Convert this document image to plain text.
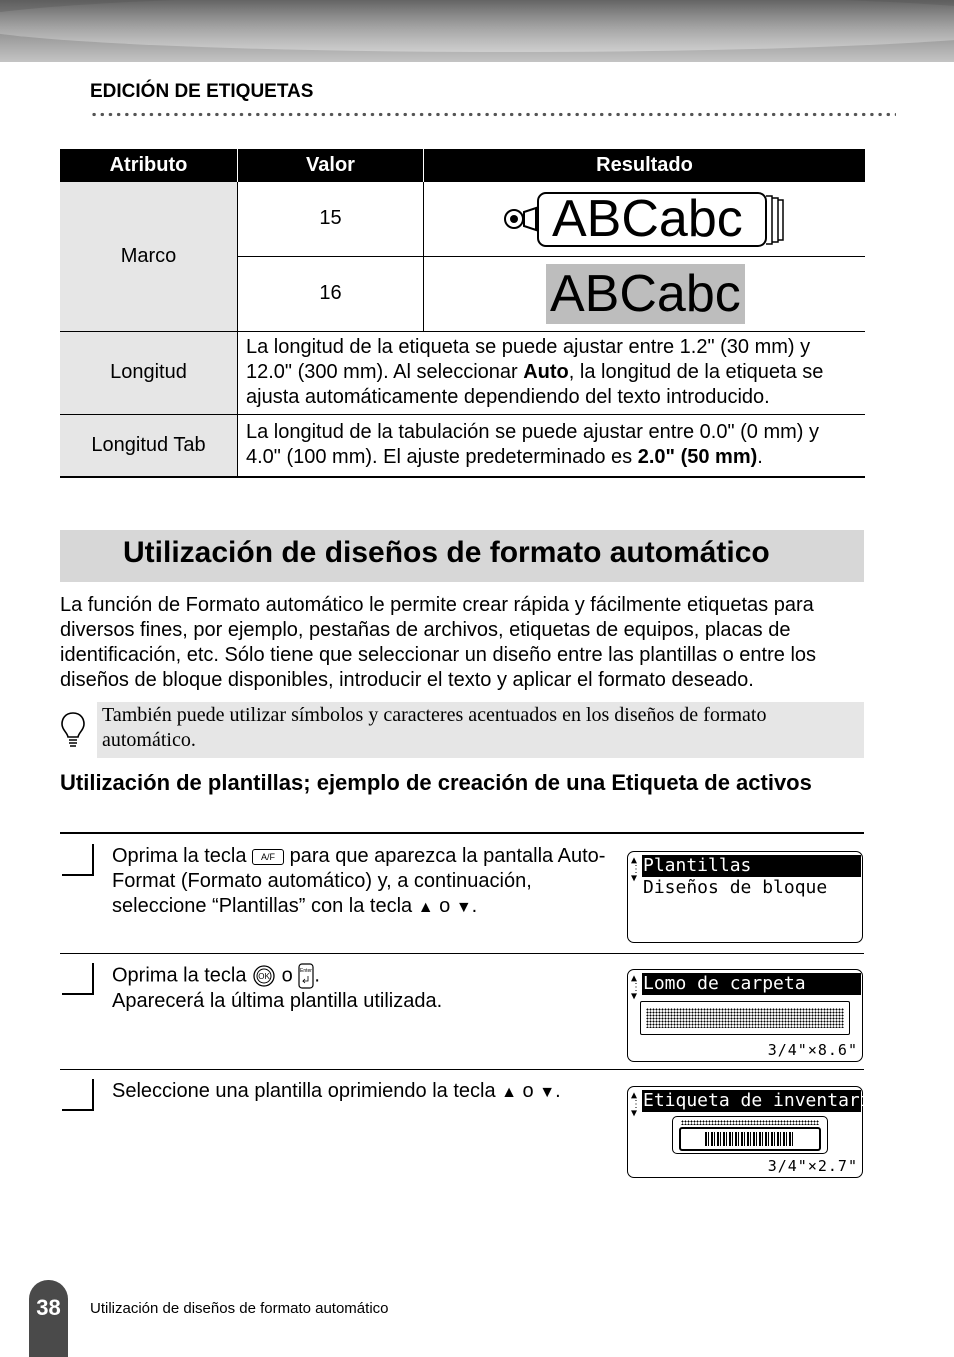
EDICIÓN DE ETIQUETAS
Atributo	Valor	Resultado
Marco	15	ABCabc

	16	ABCabc
Longitud	La longitud de la etiqueta se puede ajustar entre 1.2" (30 mm) y 12.0" (300 mm). Al seleccionar Auto, la longitud de la etiqueta se ajusta automáticamente dependiendo del texto introducido.	
Longitud Tab	La longitud de la tabulación se puede ajustar entre 0.0" (0 mm) y 4.0" (100 mm). El ajuste predeterminado es 2.0" (50 mm).	
Utilización de diseños de formato automático
La función de Formato automático le permite crear rápida y fácilmente etiquetas para diversos fines, por ejemplo, pestañas de archivos, etiquetas de equipos, placas de identificación, etc. Sólo tiene que seleccionar un diseño entre las plantillas o entre los diseños de bloque disponibles, introducir el texto y aplicar el formato deseado.
También puede utilizar símbolos y caracteres acentuados en los diseños de formato automático.
Utilización de plantillas; ejemplo de creación de una Etiqueta de activos
Oprima la tecla A/F para que aparezca la pantalla Auto-Format (Formato automático) y, a continuación, seleccione “Plantillas” con la tecla ▲ o ▼.
▲
⋮
▼
Plantillas
Diseños de bloque
Oprima la tecla OK o Enter .
Aparecerá la última plantilla utilizada.
▲
⋮
▼
Lomo de carpeta
3/4"×8.6"
Seleccione una plantilla oprimiendo la tecla ▲ o ▼.	▲
⋮
▼
Etiqueta de inventario
3/4"×2.7"
38	Utilización de diseños de formato automático
